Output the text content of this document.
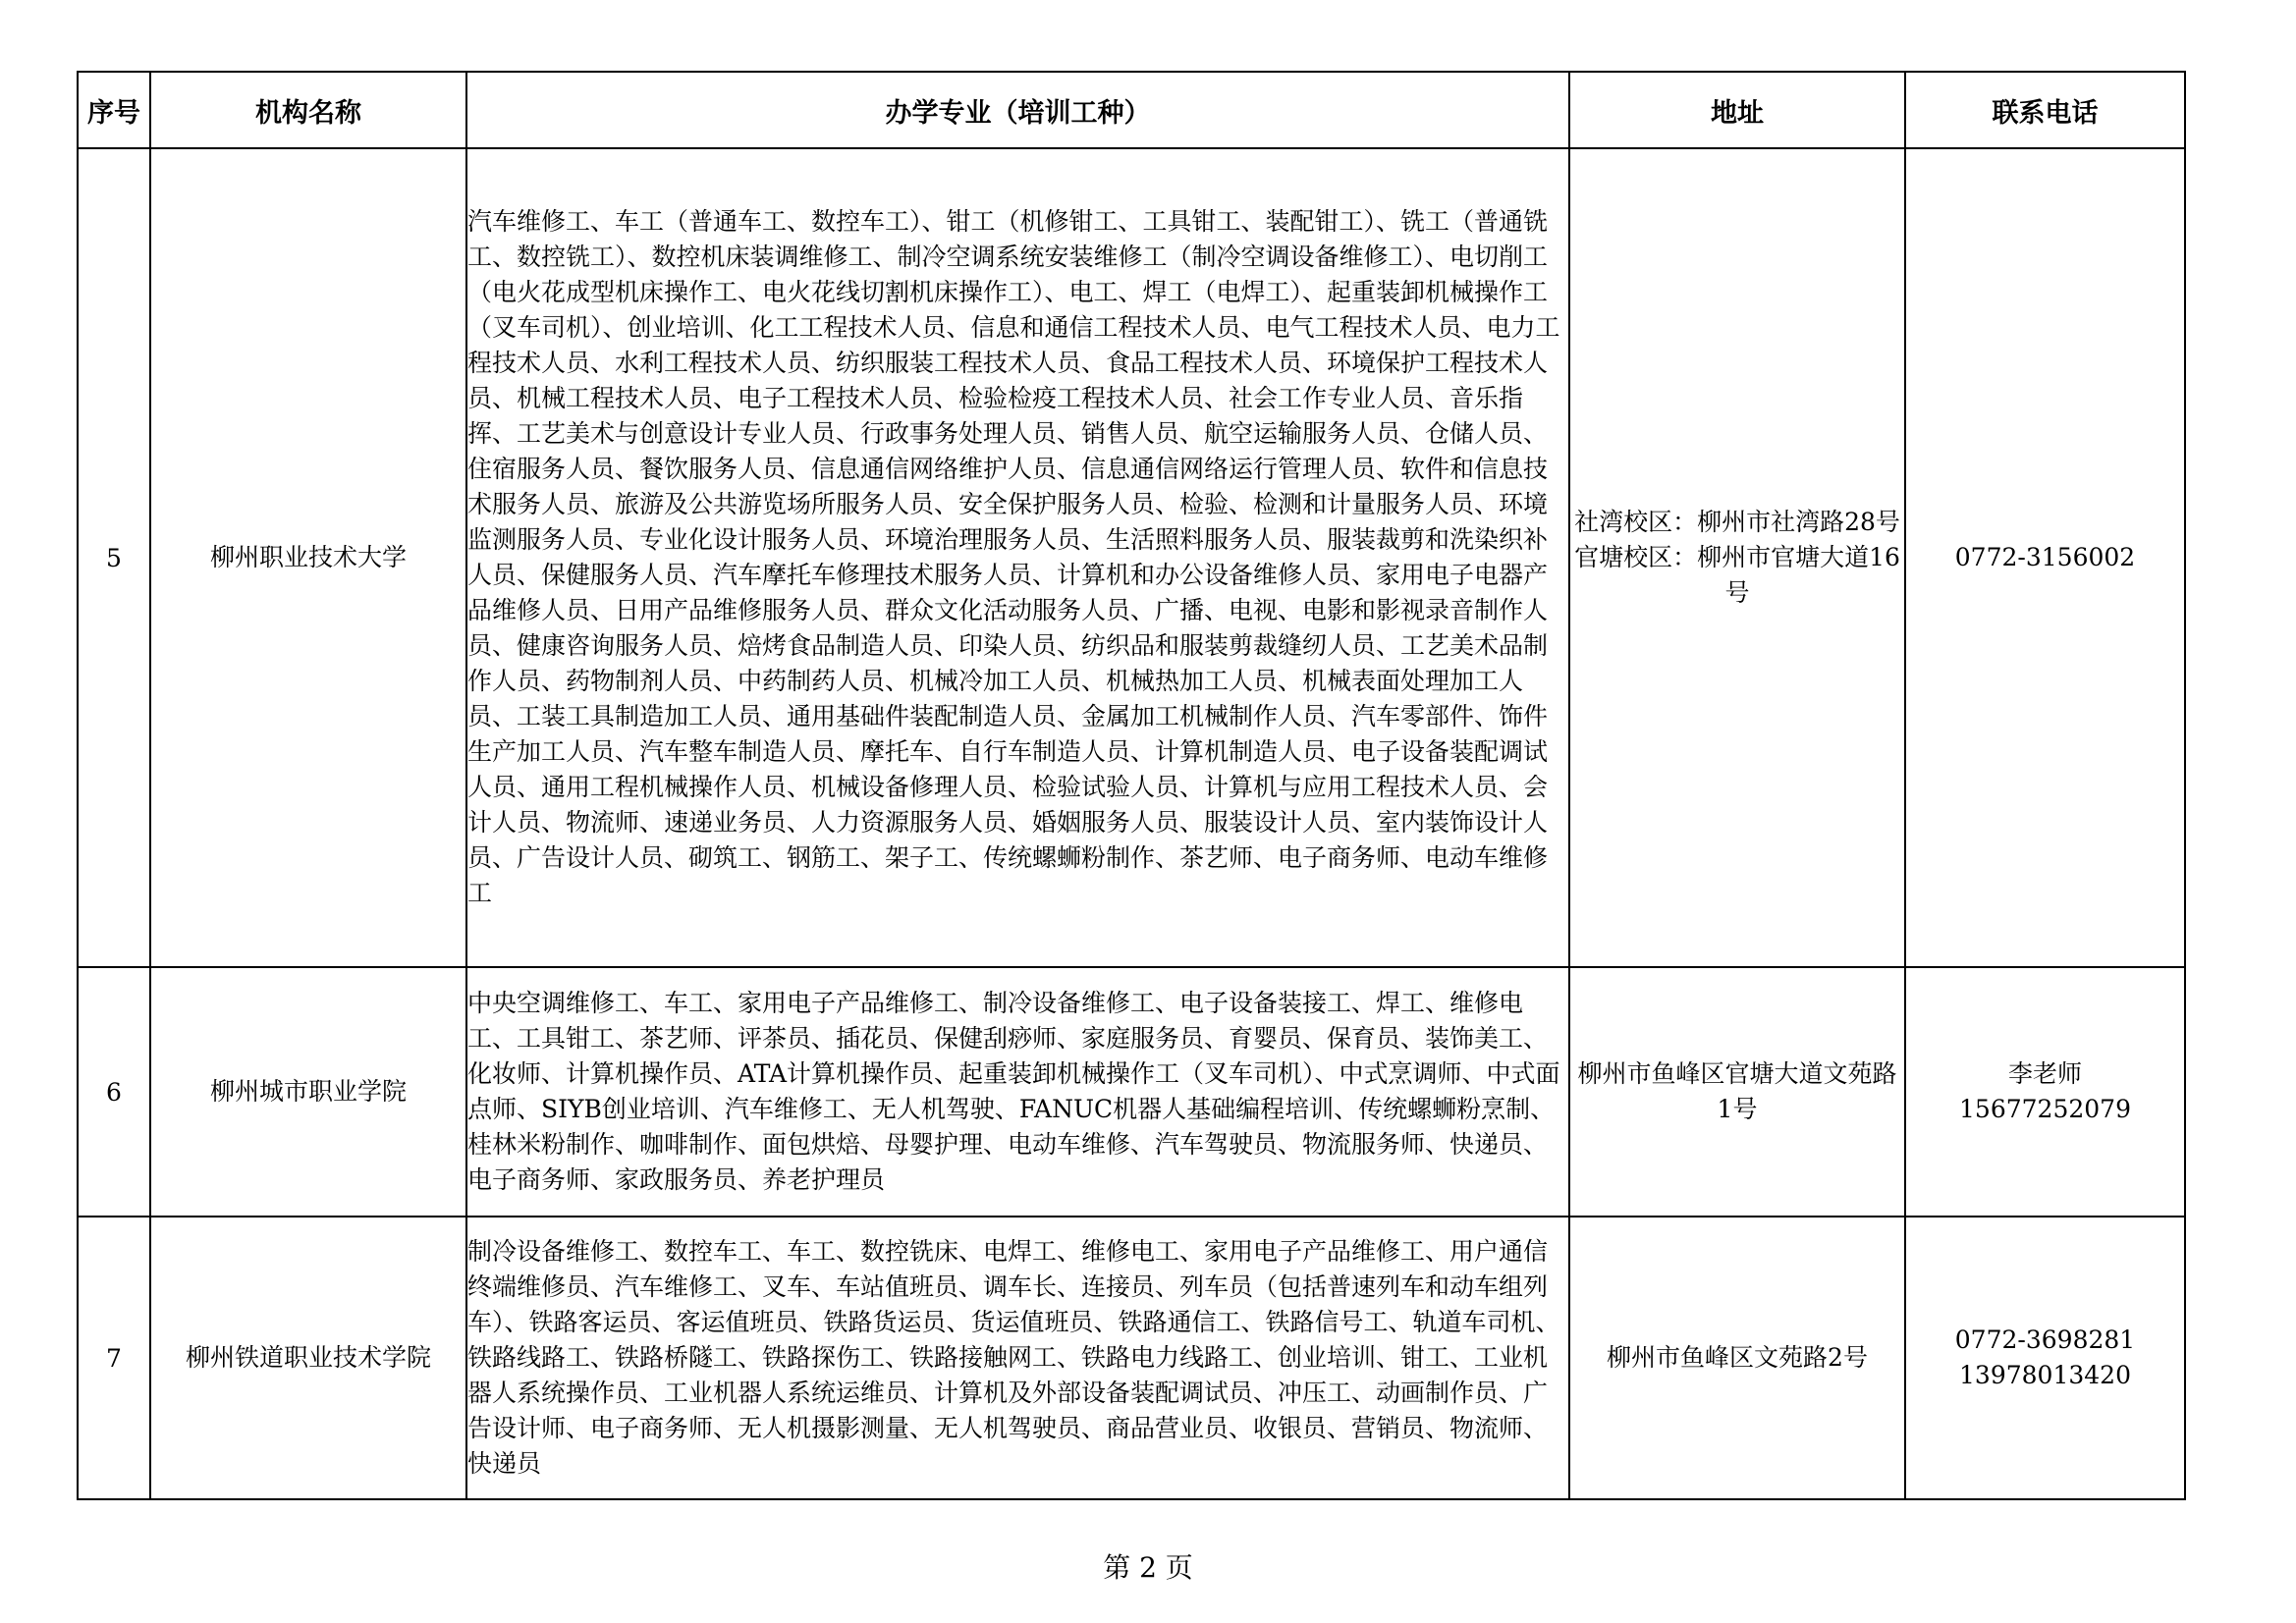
序号	机构名称	办学专业（培训工种）	地址	联系电话
5	柳州职业技术大学	汽车维修工、车工（普通车工、数控车工）、钳工（机修钳工、工具钳工、装配钳工）、铣工（普通铣工、数控铣工）、数控机床装调维修工、制冷空调系统安装维修工（制冷空调设备维修工）、电切削工（电火花成型机床操作工、电火花线切割机床操作工）、电工、焊工（电焊工）、起重装卸机械操作工（叉车司机）、创业培训、化工工程技术人员、信息和通信工程技术人员、电气工程技术人员、电力工程技术人员、水利工程技术人员、纺织服装工程技术人员、食品工程技术人员、环境保护工程技术人员、机械工程技术人员、电子工程技术人员、检验检疫工程技术人员、社会工作专业人员、音乐指挥、工艺美术与创意设计专业人员、行政事务处理人员、销售人员、航空运输服务人员、仓储人员、住宿服务人员、餐饮服务人员、信息通信网络维护人员、信息通信网络运行管理人员、软件和信息技术服务人员、旅游及公共游览场所服务人员、安全保护服务人员、检验、检测和计量服务人员、环境监测服务人员、专业化设计服务人员、环境治理服务人员、生活照料服务人员、服装裁剪和洗染织补人员、保健服务人员、汽车摩托车修理技术服务人员、计算机和办公设备维修人员、家用电子电器产品维修人员、日用产品维修服务人员、群众文化活动服务人员、广播、电视、电影和影视录音制作人员、健康咨询服务人员、焙烤食品制造人员、印染人员、纺织品和服装剪裁缝纫人员、工艺美术品制作人员、药物制剂人员、中药制药人员、机械冷加工人员、机械热加工人员、机械表面处理加工人员、工装工具制造加工人员、通用基础件装配制造人员、金属加工机械制作人员、汽车零部件、饰件生产加工人员、汽车整车制造人员、摩托车、自行车制造人员、计算机制造人员、电子设备装配调试人员、通用工程机械操作人员、机械设备修理人员、检验试验人员、计算机与应用工程技术人员、会计人员、物流师、速递业务员、人力资源服务人员、婚姻服务人员、服装设计人员、室内装饰设计人员、广告设计人员、砌筑工、钢筋工、架子工、传统螺蛳粉制作、茶艺师、电子商务师、电动车维修工	社湾校区：柳州市社湾路28号
官塘校区：柳州市官塘大道16号	0772-3156002

6	柳州城市职业学院	中央空调维修工、车工、家用电子产品维修工、制冷设备维修工、电子设备装接工、焊工、维修电工、工具钳工、茶艺师、评茶员、插花员、保健刮痧师、家庭服务员、育婴员、保育员、装饰美工、化妆师、计算机操作员、ATA计算机操作员、起重装卸机械操作工（叉车司机）、中式烹调师、中式面点师、SIYB创业培训、汽车维修工、无人机驾驶、FANUC机器人基础编程培训、传统螺蛳粉烹制、桂林米粉制作、咖啡制作、面包烘焙、母婴护理、电动车维修、汽车驾驶员、物流服务师、快递员、电子商务师、家政服务员、养老护理员	柳州市鱼峰区官塘大道文苑路1号	李老师
15677252079

7	柳州铁道职业技术学院	制冷设备维修工、数控车工、车工、数控铣床、电焊工、维修电工、家用电子产品维修工、用户通信终端维修员、汽车维修工、叉车、车站值班员、调车长、连接员、列车员（包括普速列车和动车组列车）、铁路客运员、客运值班员、铁路货运员、货运值班员、铁路通信工、铁路信号工、轨道车司机、铁路线路工、铁路桥隧工、铁路探伤工、铁路接触网工、铁路电力线路工、创业培训、钳工、工业机器人系统操作员、工业机器人系统运维员、计算机及外部设备装配调试员、冲压工、动画制作员、广告设计师、电子商务师、无人机摄影测量、无人机驾驶员、商品营业员、收银员、营销员、物流师、快递员	柳州市鱼峰区文苑路2号	0772-3698281
13978013420
第 2 页
